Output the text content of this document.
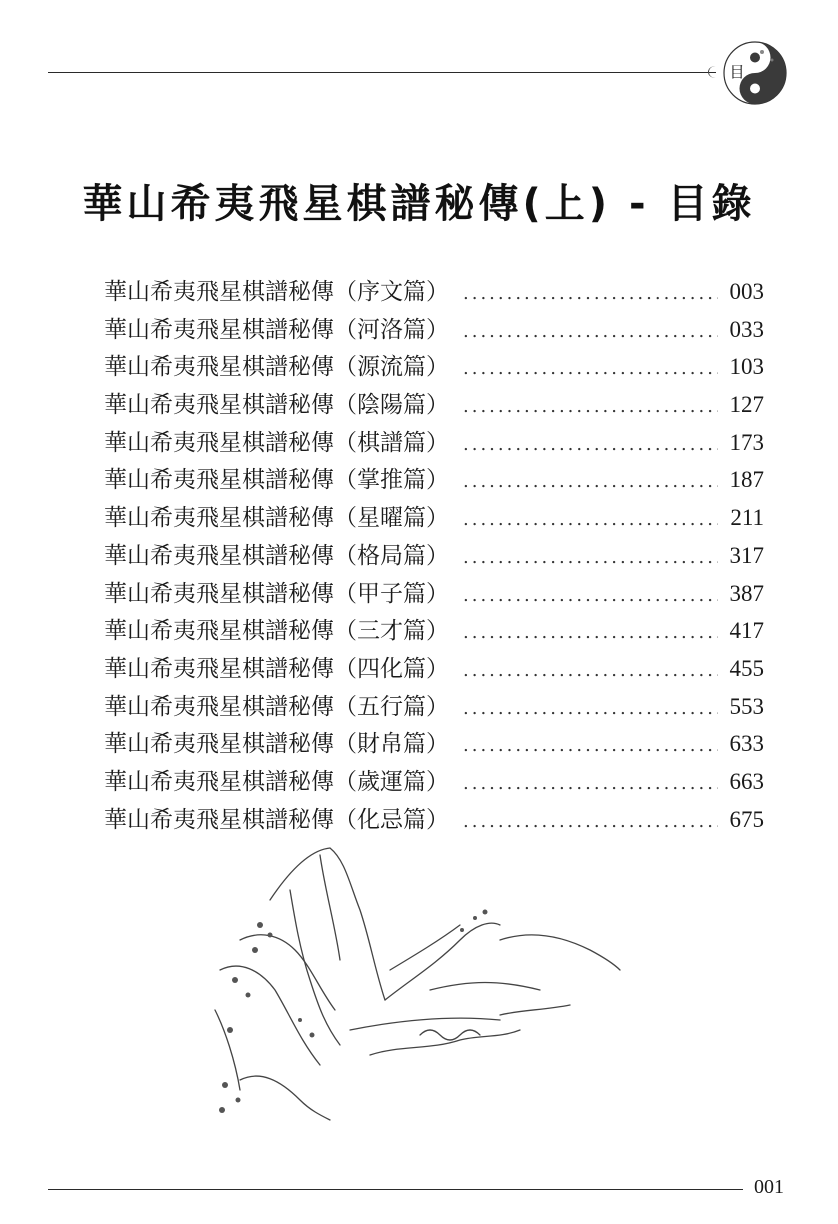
目
華山希夷飛星棋譜秘傳(上) - 目錄
華山希夷飛星棋譜秘傳（序文篇） .....	003
華山希夷飛星棋譜秘傳（河洛篇） .....	033
華山希夷飛星棋譜秘傳（源流篇） .....	103
華山希夷飛星棋譜秘傳（陰陽篇） .....	127
華山希夷飛星棋譜秘傳（棋譜篇） .....	173
華山希夷飛星棋譜秘傳（掌推篇） .....	187
華山希夷飛星棋譜秘傳（星曜篇） .....	211
華山希夷飛星棋譜秘傳（格局篇） .....	317
華山希夷飛星棋譜秘傳（甲子篇） .....	387
華山希夷飛星棋譜秘傳（三才篇） .....	417
華山希夷飛星棋譜秘傳（四化篇） .....	455
華山希夷飛星棋譜秘傳（五行篇） .....	553
華山希夷飛星棋譜秘傳（財帛篇） .....	633
華山希夷飛星棋譜秘傳（歲運篇） .....	663
華山希夷飛星棋譜秘傳（化忌篇） .....	675
001
